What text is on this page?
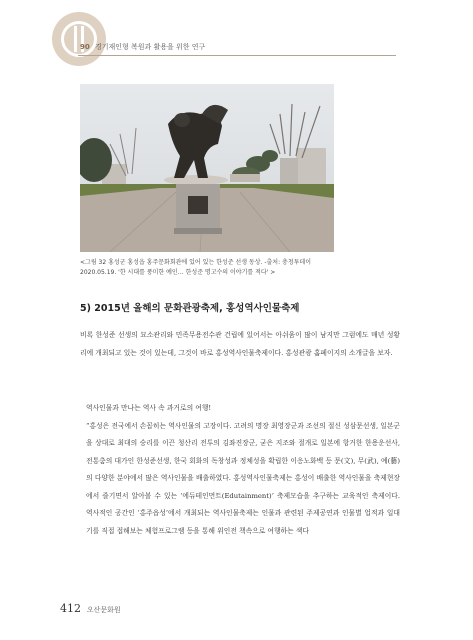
90 경기재인형 복원과 활용을 위한 연구
<그림 32 홍성군 홍성읍 홍주문화회관에 있어 있는 한성준 선생 동상. -출처: 충청투데이 2020.05.19. '한 시대를 풍미한 예인… 한성준 명고수의 이야기를 적다' >
5) 2015년 올해의 문화관광축제, 홍성역사인물축제
비록 한성준 선생의 묘소관리와 민족무용전수관 건립에 있어서는 아쉬움이 많이 남지만 그럼에도 매년 성황리에 개최되고 있는 것이 있는데, 그것이 바로 홍성역사인물축제이다. 홍성관광 홈페이지의 소개글을 보자.
역사인물과 만나는 역사 속 과거로의 여행!
“홍성은 전국에서 손꼽히는 역사인물의 고장이다. 고려의 명장 최영장군과 조선의 절신 성삼문선생, 일본군을 상대로 최대의 승리를 이끈 청산리 전투의 김좌진장군, 굳은 지조와 절개로 일본에 항거한 한용운선사, 전통춤의 대가인 한성준선생, 한국 회화의 독창성과 정체성을 확립한 이응노화백 등 문(文), 무(武), 예(藝)의 다양한 분야에서 많은 역사인물을 배출하였다. 홍성역사인물축제는 홍성이 배출한 역사인물을 축제현장에서 즐기면서 알아볼 수 있는 ‘에듀테인먼트(Edutainment)’ 축제모습을 추구하는 교육적인 축제이다. 역사적인 공간인 ‘홍주읍성’에서 개최되는 역사인물축제는 인물과 관련된 주제공연과 인물별 업적과 일대기를 직접 접해보는 체험프로그램 등을 통해 위인전 책속으로 여행하는 색다
412 오산문화원
